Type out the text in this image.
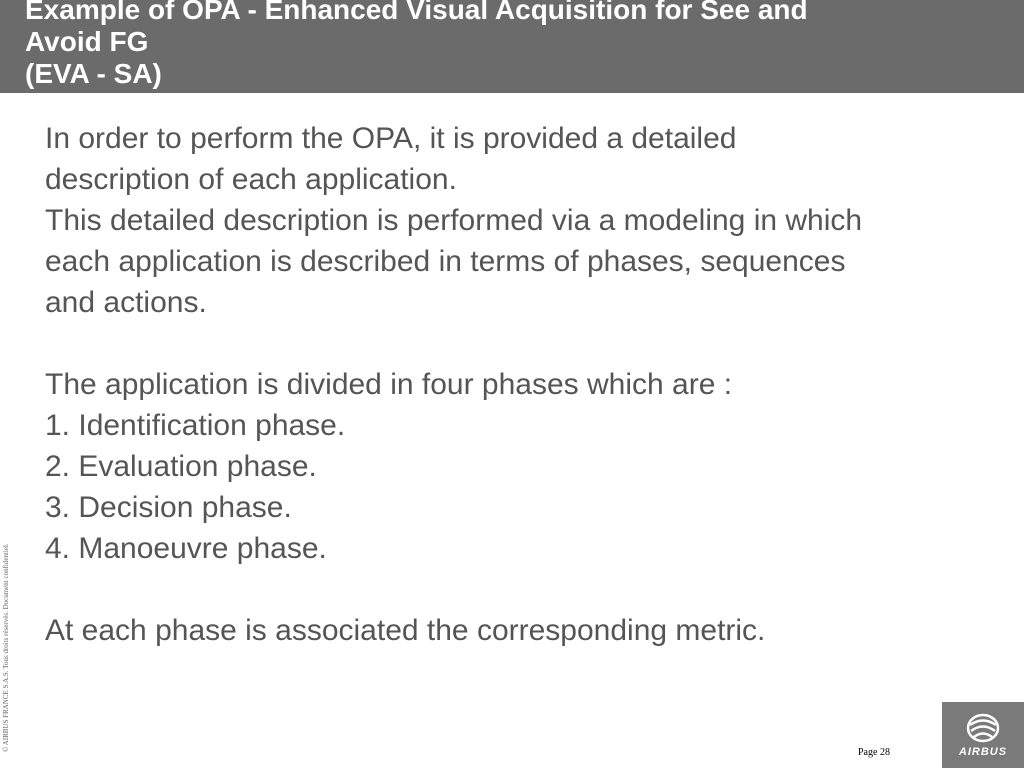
Example of OPA - Enhanced Visual Acquisition for See and
Avoid FG
(EVA - SA)
In order to perform the OPA, it is provided a detailed
description of each application.
This detailed description is performed via a modeling in which
each application is described in terms of phases, sequences
and actions.
The application is divided in four phases which are :
1. Identification phase.
2. Evaluation phase.
3. Decision phase.
4. Manoeuvre phase.
At each phase is associated the corresponding metric.
© AIRBUS FRANCE S.A.S. Tous droits réservés. Document confidentiel.
Page 28	AIRBUS
